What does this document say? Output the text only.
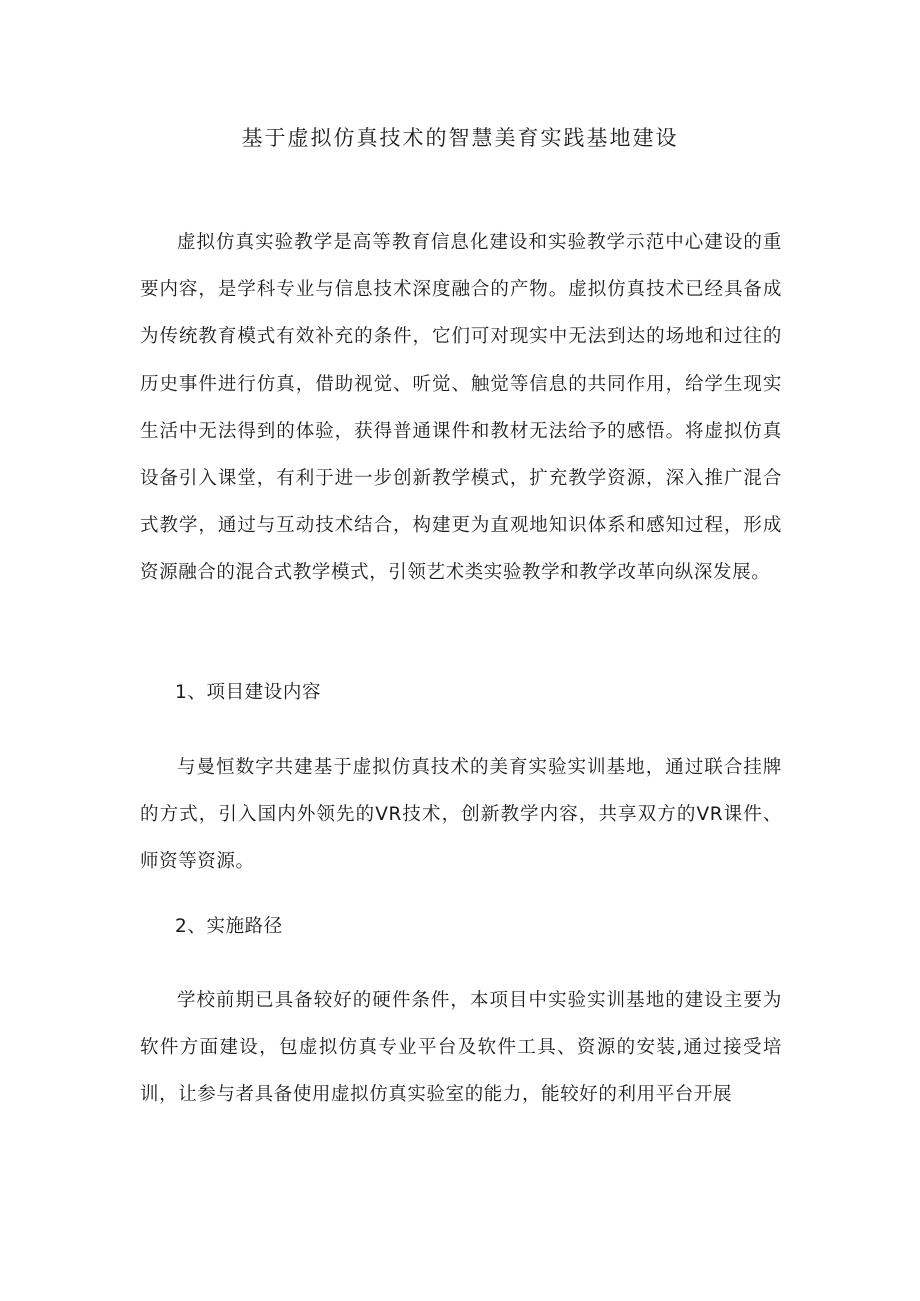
基于虚拟仿真技术的智慧美育实践基地建设

虚拟仿真实验教学是高等教育信息化建设和实验教学示范中心建设的重要内容，是学科专业与信息技术深度融合的产物。虚拟仿真技术已经具备成为传统教育模式有效补充的条件，它们可对现实中无法到达的场地和过往的历史事件进行仿真，借助视觉、听觉、触觉等信息的共同作用，给学生现实生活中无法得到的体验，获得普通课件和教材无法给予的感悟。将虚拟仿真设备引入课堂，有利于进一步创新教学模式，扩充教学资源，深入推广混合式教学，通过与互动技术结合，构建更为直观地知识体系和感知过程，形成资源融合的混合式教学模式，引领艺术类实验教学和教学改革向纵深发展。

1、项目建设内容

与曼恒数字共建基于虚拟仿真技术的美育实验实训基地，通过联合挂牌的方式，引入国内外领先的VR技术，创新教学内容，共享双方的VR课件、师资等资源。

2、实施路径

学校前期已具备较好的硬件条件，本项目中实验实训基地的建设主要为软件方面建设，包虚拟仿真专业平台及软件工具、资源的安装,通过接受培训，让参与者具备使用虚拟仿真实验室的能力，能较好的利用平台开展
